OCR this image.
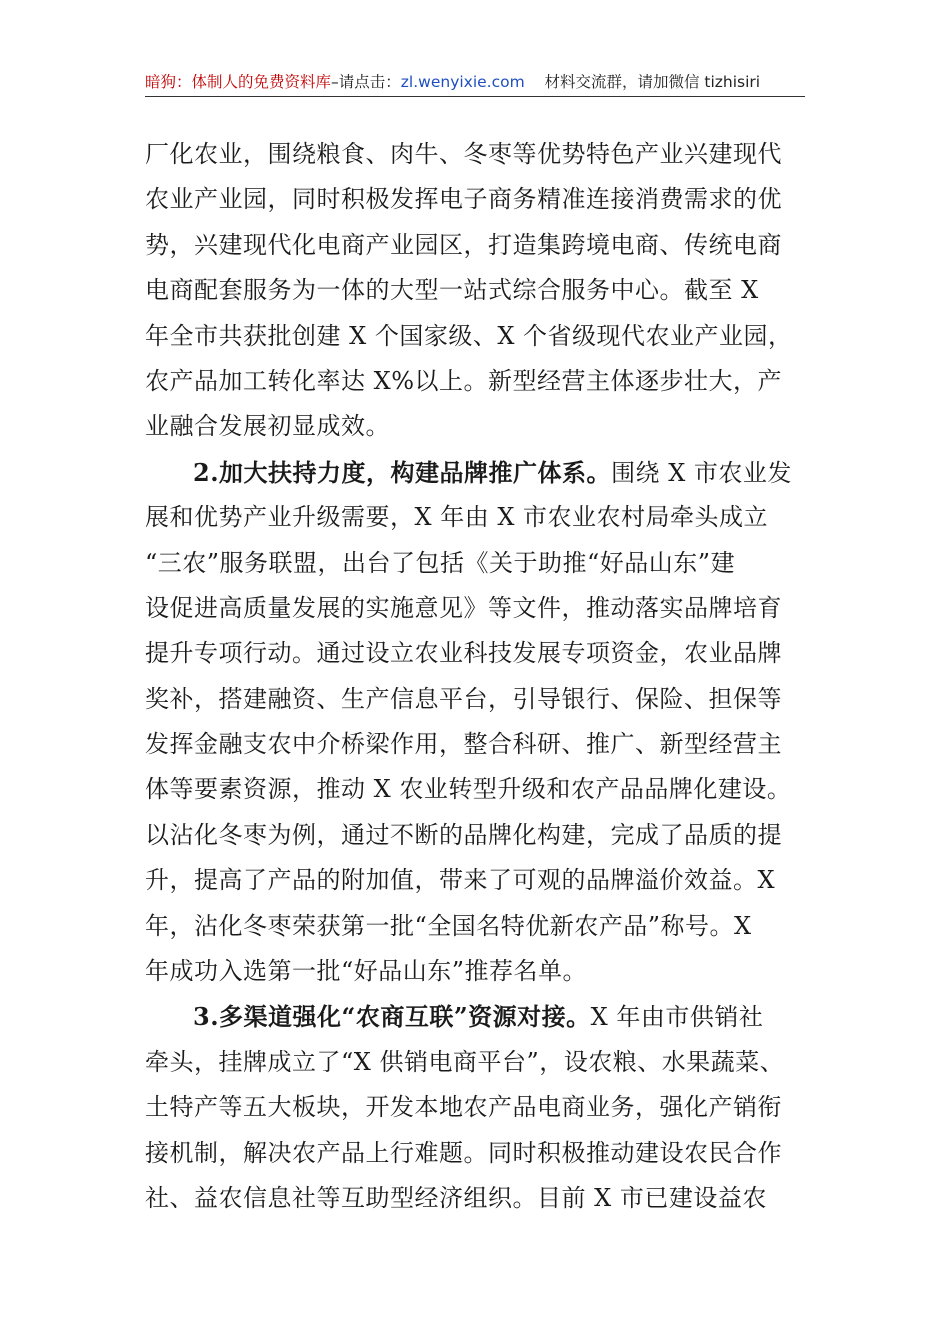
暗狗：体制人的免费资料库–请点击：zl.wenyixie.com 材料交流群，请加微信 tizhisiri
厂化农业，围绕粮食、肉牛、冬枣等优势特色产业兴建现代
农业产业园，同时积极发挥电子商务精准连接消费需求的优
势，兴建现代化电商产业园区，打造集跨境电商、传统电商
电商配套服务为一体的大型一站式综合服务中心。截至 X
年全市共获批创建 X 个国家级、X 个省级现代农业产业园，
农产品加工转化率达 X%以上。新型经营主体逐步壮大，产
业融合发展初显成效。
2.加大扶持力度，构建品牌推广体系。围绕 X 市农业发
展和优势产业升级需要，X 年由 X 市农业农村局牵头成立
“三农”服务联盟，出台了包括《关于助推“好品山东”建
设促进高质量发展的实施意见》等文件，推动落实品牌培育
提升专项行动。通过设立农业科技发展专项资金，农业品牌
奖补，搭建融资、生产信息平台，引导银行、保险、担保等
发挥金融支农中介桥梁作用，整合科研、推广、新型经营主
体等要素资源，推动 X 农业转型升级和农产品品牌化建设。
以沾化冬枣为例，通过不断的品牌化构建，完成了品质的提
升，提高了产品的附加值，带来了可观的品牌溢价效益。X
年，沾化冬枣荣获第一批“全国名特优新农产品”称号。X
年成功入选第一批“好品山东”推荐名单。
3.多渠道强化“农商互联”资源对接。X 年由市供销社
牵头，挂牌成立了“X 供销电商平台”，设农粮、水果蔬菜、
土特产等五大板块，开发本地农产品电商业务，强化产销衔
接机制，解决农产品上行难题。同时积极推动建设农民合作
社、益农信息社等互助型经济组织。目前 X 市已建设益农
